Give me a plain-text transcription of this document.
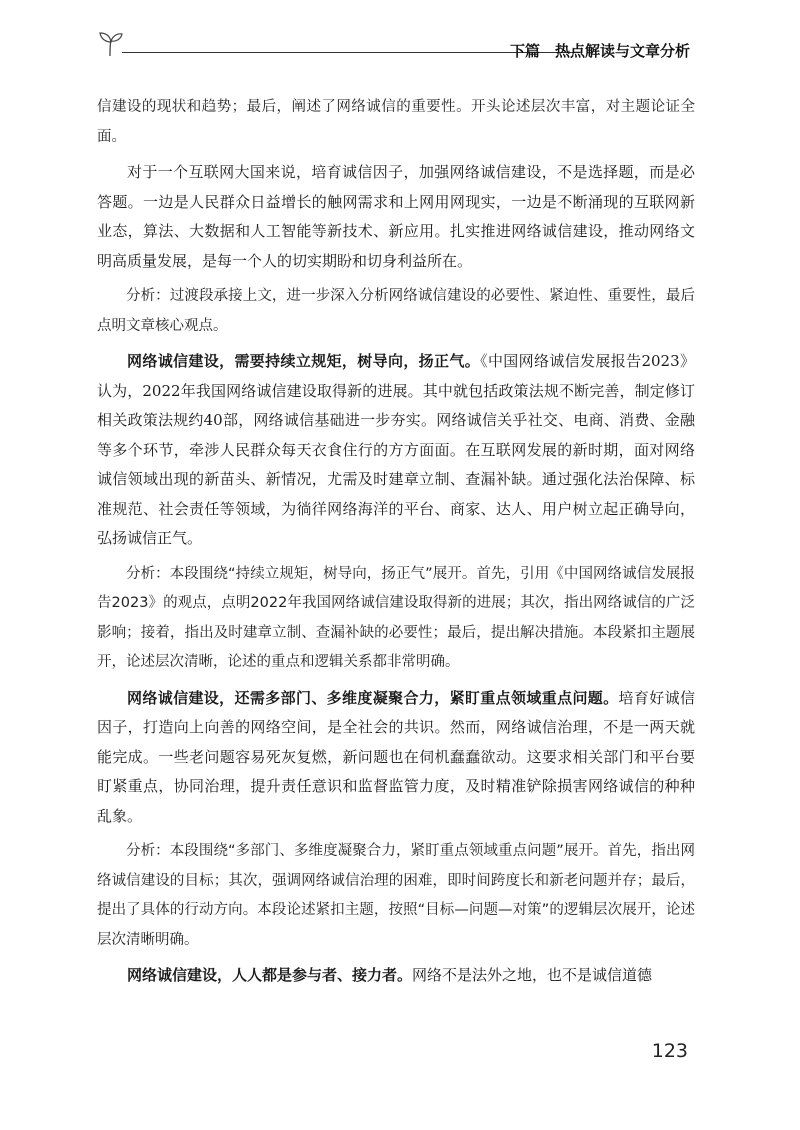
下篇　热点解读与文章分析

信建设的现状和趋势；最后，阐述了网络诚信的重要性。开头论述层次丰富，对主题论证全面。

对于一个互联网大国来说，培育诚信因子，加强网络诚信建设，不是选择题，而是必答题。一边是人民群众日益增长的触网需求和上网用网现实，一边是不断涌现的互联网新业态，算法、大数据和人工智能等新技术、新应用。扎实推进网络诚信建设，推动网络文明高质量发展，是每一个人的切实期盼和切身利益所在。

分析：过渡段承接上文，进一步深入分析网络诚信建设的必要性、紧迫性、重要性，最后点明文章核心观点。

网络诚信建设，需要持续立规矩，树导向，扬正气。《中国网络诚信发展报告2023》认为，2022年我国网络诚信建设取得新的进展。其中就包括政策法规不断完善，制定修订相关政策法规约40部，网络诚信基础进一步夯实。网络诚信关乎社交、电商、消费、金融等多个环节，牵涉人民群众每天衣食住行的方方面面。在互联网发展的新时期，面对网络诚信领域出现的新苗头、新情况，尤需及时建章立制、查漏补缺。通过强化法治保障、标准规范、社会责任等领域，为徜徉网络海洋的平台、商家、达人、用户树立起正确导向，弘扬诚信正气。

分析：本段围绕“持续立规矩，树导向，扬正气”展开。首先，引用《中国网络诚信发展报告2023》的观点，点明2022年我国网络诚信建设取得新的进展；其次，指出网络诚信的广泛影响；接着，指出及时建章立制、查漏补缺的必要性；最后，提出解决措施。本段紧扣主题展开，论述层次清晰，论述的重点和逻辑关系都非常明确。

网络诚信建设，还需多部门、多维度凝聚合力，紧盯重点领域重点问题。培育好诚信因子，打造向上向善的网络空间，是全社会的共识。然而，网络诚信治理，不是一两天就能完成。一些老问题容易死灰复燃，新问题也在伺机蠢蠢欲动。这要求相关部门和平台要盯紧重点，协同治理，提升责任意识和监督监管力度，及时精准铲除损害网络诚信的种种乱象。

分析：本段围绕“多部门、多维度凝聚合力，紧盯重点领域重点问题”展开。首先，指出网络诚信建设的目标；其次，强调网络诚信治理的困难，即时间跨度长和新老问题并存；最后，提出了具体的行动方向。本段论述紧扣主题，按照“目标—问题—对策”的逻辑层次展开，论述层次清晰明确。

网络诚信建设，人人都是参与者、接力者。网络不是法外之地，也不是诚信道德

123
